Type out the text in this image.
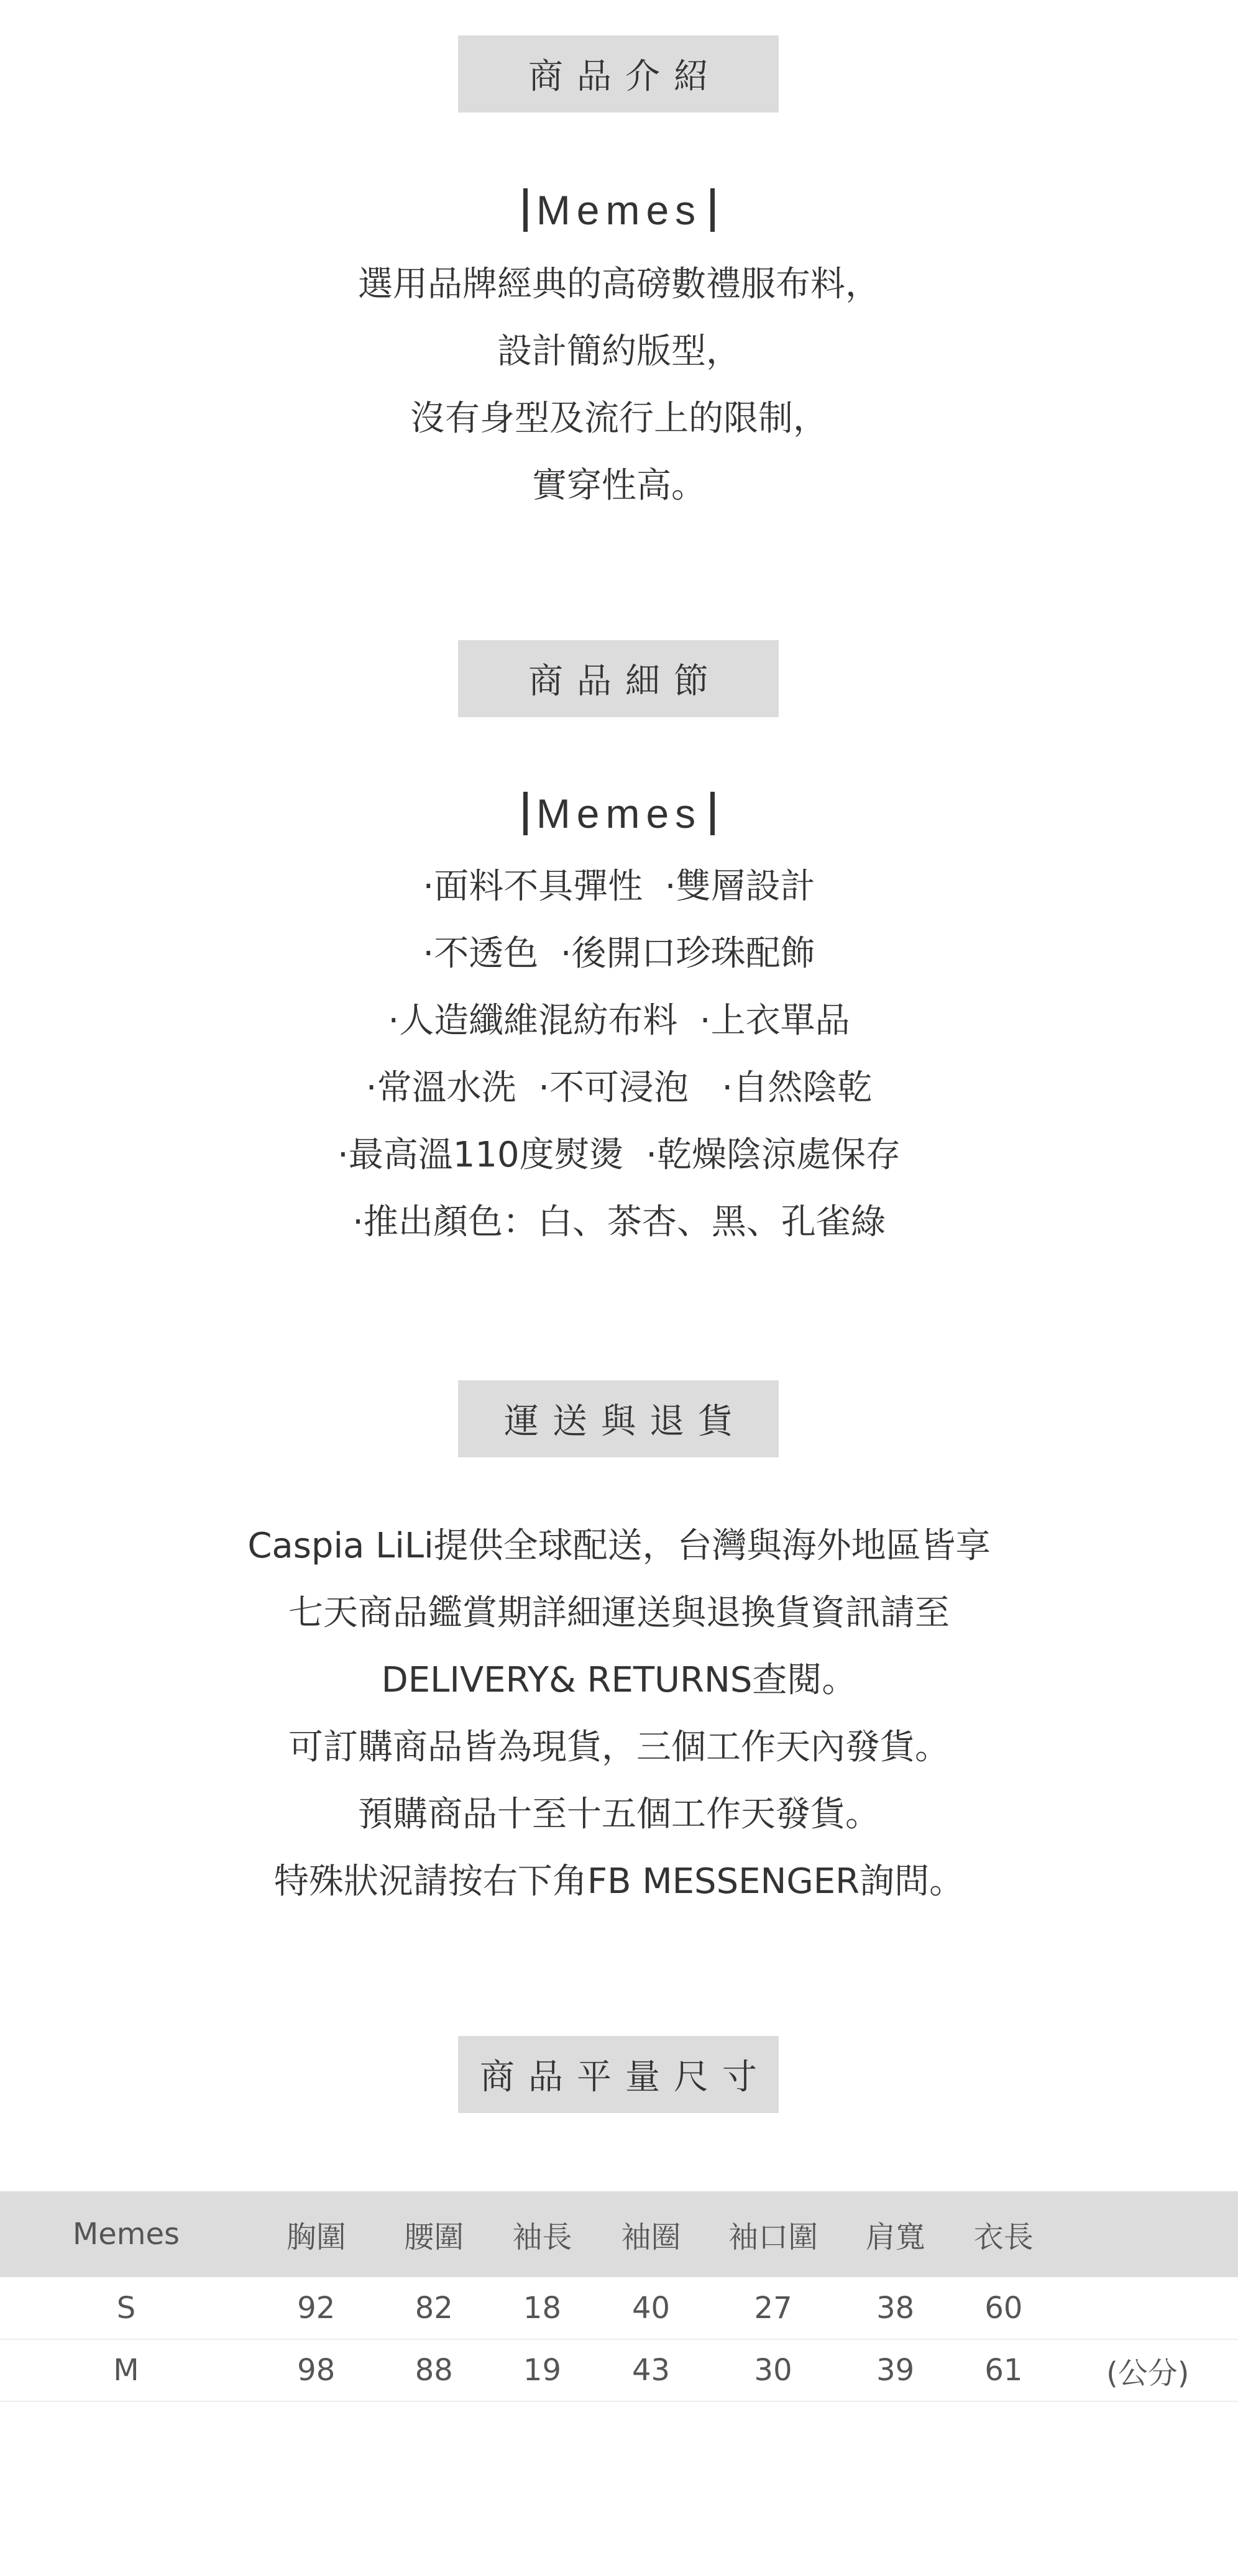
商品介紹
Memes
選用品牌經典的高磅數禮服布料，
設計簡約版型，
沒有身型及流行上的限制，
實穿性高。
商品細節
Memes
·面料不具彈性  ·雙層設計
·不透色  ·後開口珍珠配飾
·人造纖維混紡布料  ·上衣單品
·常溫水洗  ·不可浸泡   ·自然陰乾
·最高溫110度熨燙  ·乾燥陰涼處保存
·推出顏色：白、茶杏、黑、孔雀綠
運送與退貨
Caspia LiLi提供全球配送，台灣與海外地區皆享
七天商品鑑賞期詳細運送與退換貨資訊請至
DELIVERY& RETURNS查閱。
可訂購商品皆為現貨，三個工作天內發貨。
預購商品十至十五個工作天發貨。
特殊狀況請按右下角FB MESSENGER詢問。
商品平量尺寸
Memes	胸圍	腰圍	袖長	袖圈	袖口圍	肩寬	衣長	
S	92	82	18	40	27	38	60	
M	98	88	19	43	30	39	61	(公分)
